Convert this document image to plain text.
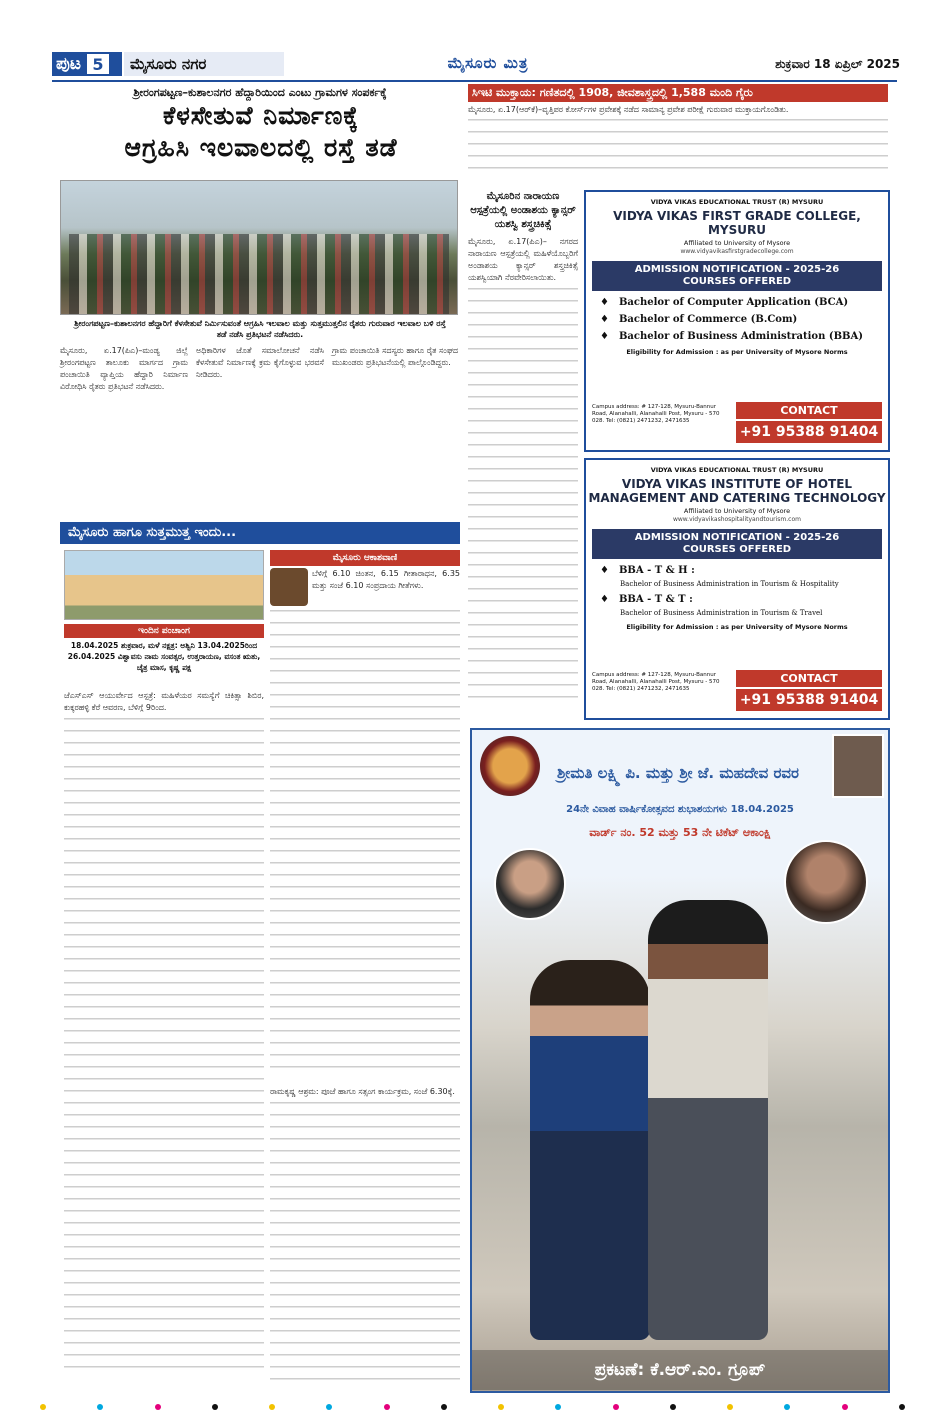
ಪುಟ 5	ಮೈಸೂರು ನಗರ	ಮೈಸೂರು ಮಿತ್ರ	ಶುಕ್ರವಾರ 18 ಏಪ್ರಿಲ್ 2025
ಶ್ರೀರಂಗಪಟ್ಟಣ–ಕುಶಾಲನಗರ ಹೆದ್ದಾರಿಯಿಂದ ಎಂಟು ಗ್ರಾಮಗಳ ಸಂಪರ್ಕಕ್ಕೆ
ಕೆಳಸೇತುವೆ ನಿರ್ಮಾಣಕ್ಕೆ
ಆಗ್ರಹಿಸಿ ಇಲವಾಲದಲ್ಲಿ ರಸ್ತೆ ತಡೆ
ಶ್ರೀರಂಗಪಟ್ಟಣ–ಕುಶಾಲನಗರ ಹೆದ್ದಾರಿಗೆ ಕೆಳಸೇತುವೆ ನಿರ್ಮಿಸುವಂತೆ ಆಗ್ರಹಿಸಿ ಇಲವಾಲ ಮತ್ತು ಸುತ್ತಮುತ್ತಲಿನ ರೈತರು ಗುರುವಾರ ಇಲವಾಲ ಬಳಿ ರಸ್ತೆ ತಡೆ ನಡೆಸಿ ಪ್ರತಿಭಟನೆ ನಡೆಸಿದರು.
ಮೈಸೂರು, ಏ.17(ಪಿಎ)–ಮಂಡ್ಯ ಜಿಲ್ಲೆ ಶ್ರೀರಂಗಪಟ್ಟಣ ತಾಲೂಕು ಮಾರ್ಗದ ಗ್ರಾಮ ಪಂಚಾಯಿತಿ ವ್ಯಾಪ್ತಿಯ ಹೆದ್ದಾರಿ ನಿರ್ಮಾಣ ವಿರೋಧಿಸಿ ರೈತರು ಪ್ರತಿಭಟನೆ ನಡೆಸಿದರು.
ಅಧಿಕಾರಿಗಳ ಜೊತೆ ಸಮಾಲೋಚನೆ ನಡೆಸಿ ಕೆಳಸೇತುವೆ ನಿರ್ಮಾಣಕ್ಕೆ ಕ್ರಮ ಕೈಗೊಳ್ಳುವ ಭರವಸೆ ನೀಡಿದರು.
ಗ್ರಾಮ ಪಂಚಾಯಿತಿ ಸದಸ್ಯರು ಹಾಗೂ ರೈತ ಸಂಘದ ಮುಖಂಡರು ಪ್ರತಿಭಟನೆಯಲ್ಲಿ ಪಾಲ್ಗೊಂಡಿದ್ದರು.
ಮೈಸೂರು ಹಾಗೂ ಸುತ್ತಮುತ್ತ ಇಂದು...
ಇಂದಿನ ಪಂಚಾಂಗ
18.04.2025 ಶುಕ್ರವಾರ, ಮಳೆ ನಕ್ಷತ್ರ: ಅಶ್ವಿನಿ 13.04.2025ರಿಂದ 26.04.2025 ವಿಶ್ವಾವಸು ನಾಮ ಸಂವತ್ಸರ, ಉತ್ತರಾಯಣ, ವಸಂತ ಋತು, ಚೈತ್ರ ಮಾಸ, ಕೃಷ್ಣ ಪಕ್ಷ
ಜೆಎಸ್‌ಎಸ್ ಆಯುರ್ವೇದ ಆಸ್ಪತ್ರೆ: ಮಹಿಳೆಯರ ಸಮಸ್ಯೆಗೆ ಚಿಕಿತ್ಸಾ ಶಿಬಿರ, ಕುಕ್ಕರಹಳ್ಳಿ ಕೆರೆ ಆವರಣ, ಬೆಳಿಗ್ಗೆ 9ರಿಂದ.
ಮೈಸೂರು ಆಕಾಶವಾಣಿ
ಬೆಳಿಗ್ಗೆ 6.10 ಚಿಂತನ, 6.15 ಗೀತಾರಾಧನ, 6.35 ಮತ್ತು ಸಂಜೆ 6.10 ಸಂಪ್ರದಾಯ ಗೀತೆಗಳು.
ರಾಮಕೃಷ್ಣ ಆಶ್ರಮ: ಪೂಜೆ ಹಾಗೂ ಸತ್ಸಂಗ ಕಾರ್ಯಕ್ರಮ, ಸಂಜೆ 6.30ಕ್ಕೆ.
ಸಿಇಟಿ ಮುಕ್ತಾಯ: ಗಣಿತದಲ್ಲಿ 1908, ಜೀವಶಾಸ್ತ್ರದಲ್ಲಿ 1,588 ಮಂದಿ ಗೈರು
ಮೈಸೂರು, ಏ.17(ಆರ್‌ಕೆ)–ವೃತ್ತಿಪರ ಕೋರ್ಸ್‌ಗಳ ಪ್ರವೇಶಕ್ಕೆ ನಡೆದ ಸಾಮಾನ್ಯ ಪ್ರವೇಶ ಪರೀಕ್ಷೆ ಗುರುವಾರ ಮುಕ್ತಾಯಗೊಂಡಿತು.
ಮೈಸೂರಿನ ನಾರಾಯಣ ಆಸ್ಪತ್ರೆಯಲ್ಲಿ ಅಂಡಾಶಯ ಕ್ಯಾನ್ಸರ್ ಯಶಸ್ವಿ ಶಸ್ತ್ರಚಿಕಿತ್ಸೆ
ಮೈಸೂರು, ಏ.17(ಪಿಎ)– ನಗರದ ನಾರಾಯಣ ಆಸ್ಪತ್ರೆಯಲ್ಲಿ ಮಹಿಳೆಯೊಬ್ಬರಿಗೆ ಅಂಡಾಶಯ ಕ್ಯಾನ್ಸರ್ ಶಸ್ತ್ರಚಿಕಿತ್ಸೆ ಯಶಸ್ವಿಯಾಗಿ ನೆರವೇರಿಸಲಾಯಿತು.
VIDYA VIKAS EDUCATIONAL TRUST (R) MYSURU
VIDYA VIKAS FIRST GRADE COLLEGE, MYSURU
Affiliated to University of Mysore
www.vidyavikasfirstgradecollege.com
ADMISSION NOTIFICATION - 2025-26
COURSES OFFERED
♦ Bachelor of Computer Application (BCA)
♦ Bachelor of Commerce (B.Com)
♦ Bachelor of Business Administration (BBA)
Eligibility for Admission : as per University of Mysore Norms
Campus address: # 127-128, Mysuru-Bannur Road, Alanahalli, Alanahalli Post, Mysuru - 570 028. Tel: (0821) 2471232, 2471635
CONTACT
+91 95388 91404
VIDYA VIKAS EDUCATIONAL TRUST (R) MYSURU
VIDYA VIKAS INSTITUTE OF HOTEL MANAGEMENT AND CATERING TECHNOLOGY
Affiliated to University of Mysore
www.vidyavikashospitalityandtourism.com
ADMISSION NOTIFICATION - 2025-26
COURSES OFFERED
♦ BBA - T & H :
Bachelor of Business Administration in Tourism & Hospitality
♦ BBA - T & T :
Bachelor of Business Administration in Tourism & Travel
Eligibility for Admission : as per University of Mysore Norms
Campus address: # 127-128, Mysuru-Bannur Road, Alanahalli, Alanahalli Post, Mysuru - 570 028. Tel: (0821) 2471232, 2471635
CONTACT
+91 95388 91404
ಶ್ರೀಮತಿ ಲಕ್ಷ್ಮಿ ಪಿ. ಮತ್ತು ಶ್ರೀ ಜೆ. ಮಹದೇವ ರವರ
24ನೇ ವಿವಾಹ ವಾರ್ಷಿಕೋತ್ಸವದ ಶುಭಾಶಯಗಳು 18.04.2025
ವಾರ್ಡ್ ನಂ. 52 ಮತ್ತು 53 ನೇ ಟಿಕೆಟ್ ಆಕಾಂಕ್ಷಿ
ಪ್ರಕಟಣೆ: ಕೆ.ಆರ್.ಎಂ. ಗ್ರೂಪ್
